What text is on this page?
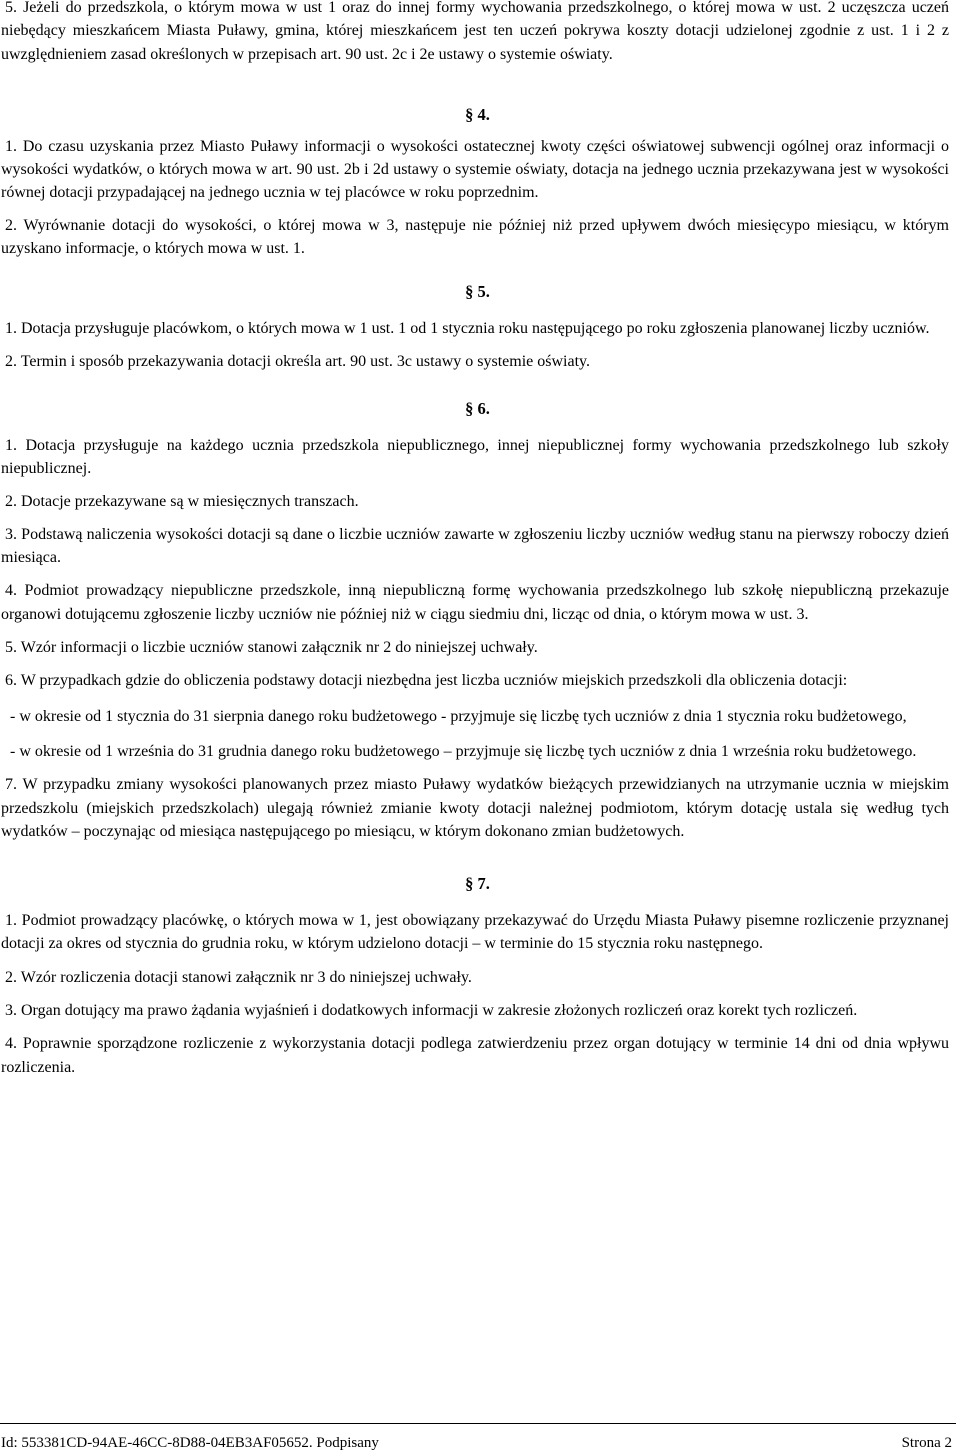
5. Jeżeli do przedszkola, o którym mowa w ust 1 oraz do innej formy wychowania przedszkolnego, o której mowa w ust. 2 uczęszcza uczeń niebędący mieszkańcem Miasta Puławy, gmina, której mieszkańcem jest ten uczeń pokrywa koszty dotacji udzielonej zgodnie z ust. 1 i 2 z uwzględnieniem zasad określonych w przepisach art. 90 ust. 2c i 2e ustawy o systemie oświaty.

§ 4.

1. Do czasu uzyskania przez Miasto Puławy informacji o wysokości ostatecznej kwoty części oświatowej subwencji ogólnej oraz informacji o wysokości wydatków, o których mowa w art. 90 ust. 2b i 2d ustawy o systemie oświaty, dotacja na jednego ucznia przekazywana jest w wysokości równej dotacji przypadającej na jednego ucznia w tej placówce w roku poprzednim.

2. Wyrównanie dotacji do wysokości, o której mowa w 3, następuje nie później niż przed upływem dwóch miesięcypo miesiącu, w którym uzyskano informacje, o których mowa w ust. 1.

§ 5.

1. Dotacja przysługuje placówkom, o których mowa w 1 ust. 1 od 1 stycznia roku następującego po roku zgłoszenia planowanej liczby uczniów.

2. Termin i sposób przekazywania dotacji określa art. 90 ust. 3c ustawy o systemie oświaty.

§ 6.

1. Dotacja przysługuje na każdego ucznia przedszkola niepublicznego, innej niepublicznej formy wychowania przedszkolnego lub szkoły niepublicznej.

2. Dotacje przekazywane są w miesięcznych transzach.

3. Podstawą naliczenia wysokości dotacji są dane o liczbie uczniów zawarte w zgłoszeniu liczby uczniów według stanu na pierwszy roboczy dzień miesiąca.

4. Podmiot prowadzący niepubliczne przedszkole, inną niepubliczną formę wychowania przedszkolnego lub szkołę niepubliczną przekazuje organowi dotującemu zgłoszenie liczby uczniów nie później niż w ciągu siedmiu dni, licząc od dnia, o którym mowa w ust. 3.

5. Wzór informacji o liczbie uczniów stanowi załącznik nr 2 do niniejszej uchwały.

6. W przypadkach gdzie do obliczenia podstawy dotacji niezbędna jest liczba uczniów miejskich przedszkoli dla obliczenia dotacji:

- w okresie od 1 stycznia do 31 sierpnia danego roku budżetowego - przyjmuje się liczbę tych uczniów z dnia 1 stycznia roku budżetowego,
- w okresie od 1 września do 31 grudnia danego roku budżetowego – przyjmuje się liczbę tych uczniów z dnia 1 września roku budżetowego.

7. W przypadku zmiany wysokości planowanych przez miasto Puławy wydatków bieżących przewidzianych na utrzymanie ucznia w miejskim przedszkolu (miejskich przedszkolach) ulegają również zmianie kwoty dotacji należnej podmiotom, którym dotację ustala się według tych wydatków – poczynając od miesiąca następującego po miesiącu, w którym dokonano zmian budżetowych.

§ 7.

1. Podmiot prowadzący placówkę, o których mowa w 1, jest obowiązany przekazywać do Urzędu Miasta Puławy pisemne rozliczenie przyznanej dotacji za okres od stycznia do grudnia roku, w którym udzielono dotacji – w terminie do 15 stycznia roku następnego.

2. Wzór rozliczenia dotacji stanowi załącznik nr 3 do niniejszej uchwały.

3. Organ dotujący ma prawo żądania wyjaśnień i dodatkowych informacji w zakresie złożonych rozliczeń oraz korekt tych rozliczeń.

4. Poprawnie sporządzone rozliczenie z wykorzystania dotacji podlega zatwierdzeniu przez organ dotujący w terminie 14 dni od dnia wpływu rozliczenia.

Id: 553381CD-94AE-46CC-8D88-04EB3AF05652. Podpisany	Strona 2
